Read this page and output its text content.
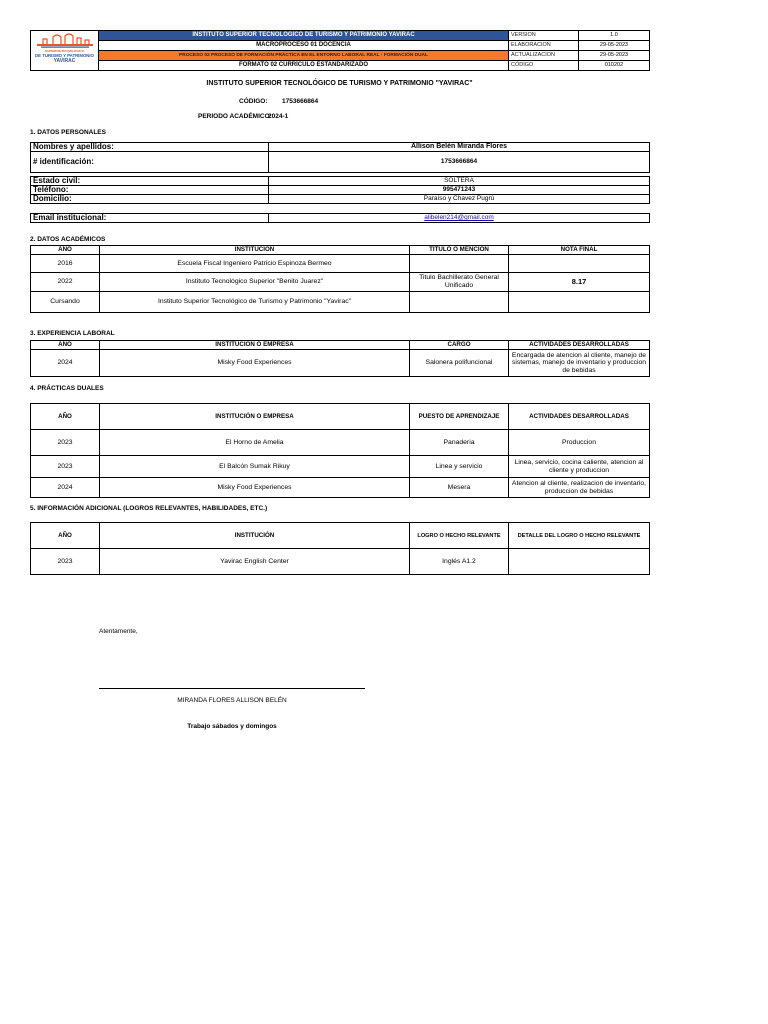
SUPERIOR TECNOLÓGICO
DE TURISMO Y PATRIMONIO
YAVIRAC	INSTITUTO SUPERIOR TECNOLÓGICO DE TURISMO Y PATRIMONIO YAVIRAC	VERSION	1.0
	MACROPROCESO 01 DOCENCIA	ELABORACION	29-05-2023
	PROCESO 02 PROCESO DE FORMACIÓN PRÁCTICA EN EL ENTORNO LABORAL REAL - FORMACIÓN DUAL	ACTUALIZACION	29-05-2023
	FORMATO 02 CURRÍCULO ESTANDARIZADO	CÓDIGO	010202
INSTITUTO SUPERIOR TECNOLÓGICO DE TURISMO Y PATRIMONIO "YAVIRAC"
CÓDIGO: 1753666864
PERIODO ACADÉMICO:
2024-1
1. DATOS PERSONALES
Nombres y apellidos:	Allison Belén Miranda Flores
# identificación:	1753666864
Estado civil:	SOLTERA
Teléfono:	995471243
Domicilio:	Paraíso y Chavez Pugrú
Email institucional:	alibelen214@gmail.com
2. DATOS ACADÉMICOS
AÑO	INSTITUCIÓN	TITULO O MENCIÓN	NOTA FINAL
2016	Escuela Fiscal Ingeniero Patricio Espinoza Bermeo		
2022	Instituto Tecnológico Superior "Benito Juarez"	Titulo Bachillerato General Unificado	8.17
Cursando	Instituto Superior Tecnológico de Turismo y Patrimonio "Yavirac"		
3. EXPERIENCIA LABORAL
AÑO	INSTITUCIÓN O EMPRESA	CARGO	ACTIVIDADES DESARROLLADAS
2024	Misky Food Experiences	Salonera polifuncional	Encargada de atencion al cliente, manejo de sistemas, manejo de inventario y produccion de bebidas
4. PRÁCTICAS DUALES
AÑO	INSTITUCIÓN O EMPRESA	PUESTO DE APRENDIZAJE	ACTIVIDADES DESARROLLADAS
2023	El Horno de Amelia	Panaderia	Produccion
2023	El Balcón Sumak Rikuy	Linea y servicio	Linea, servicio, cocina caliente, atencion al cliente y produccion
2024	Misky Food Experiences	Mesera	Atencion al cliente, realizacion de inventario, produccion de bebidas
5. INFORMACIÓN ADICIONAL (LOGROS RELEVANTES, HABILIDADES, ETC.)
AÑO	INSTITUCIÓN	LOGRO O HECHO RELEVANTE	DETALLE DEL LOGRO O HECHO RELEVANTE
2023	Yavirac English Center	Inglés A1.2	
Atentamente,
MIRANDA FLORES ALLISON BELÉN
Trabajo sábados y domingos
